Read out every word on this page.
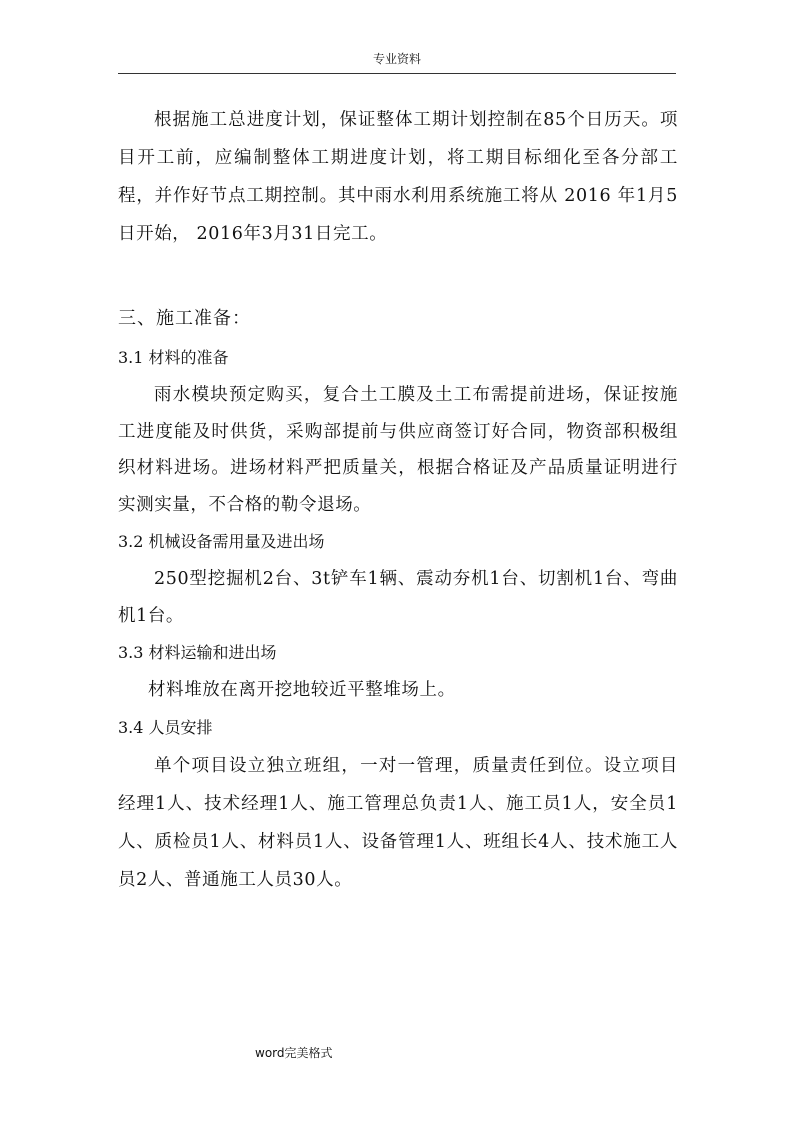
专业资料

根据施工总进度计划，保证整体工期计划控制在85个日历天。项目开工前，应编制整体工期进度计划，将工期目标细化至各分部工程，并作好节点工期控制。其中雨水利用系统施工将从 2016 年1月5日开始， 2016年3月31日完工。

三、施工准备：

3.1 材料的准备

雨水模块预定购买，复合土工膜及土工布需提前进场，保证按施工进度能及时供货，采购部提前与供应商签订好合同，物资部积极组织材料进场。进场材料严把质量关，根据合格证及产品质量证明进行实测实量，不合格的勒令退场。

3.2 机械设备需用量及进出场

250型挖掘机2台、3t铲车1辆、震动夯机1台、切割机1台、弯曲机1台。

3.3 材料运输和进出场

材料堆放在离开挖地较近平整堆场上。

3.4 人员安排

单个项目设立独立班组，一对一管理，质量责任到位。设立项目经理1人、技术经理1人、施工管理总负责1人、施工员1人，安全员1人、质检员1人、材料员1人、设备管理1人、班组长4人、技术施工人员2人、普通施工人员30人。

word完美格式
